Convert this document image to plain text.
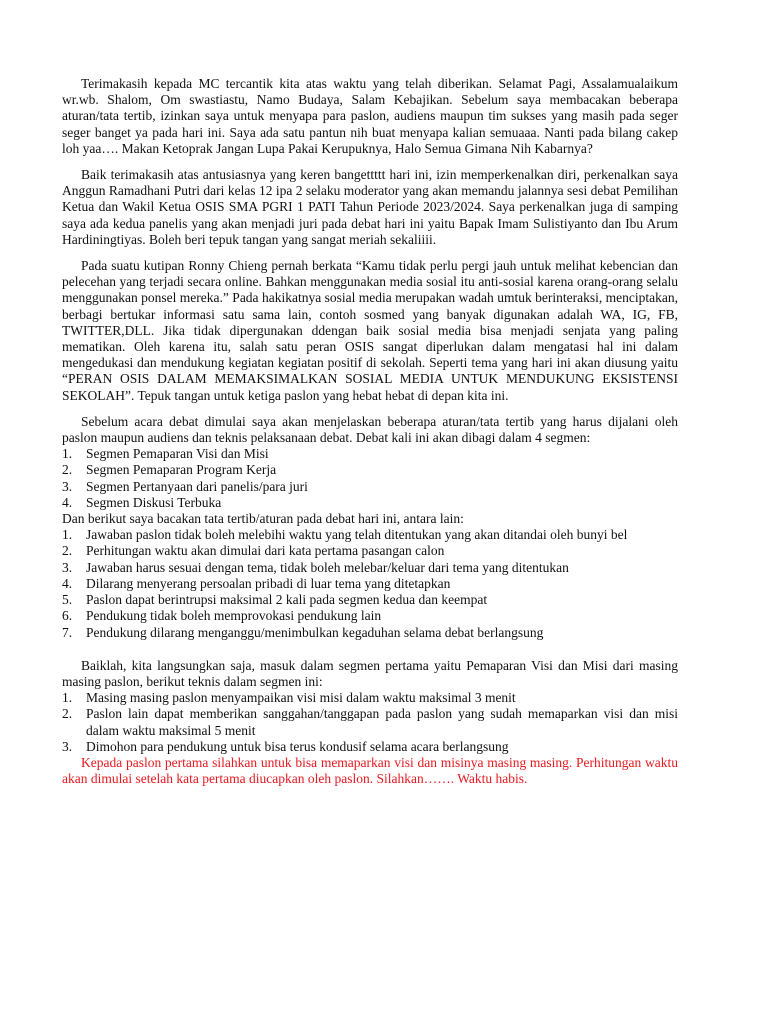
Terimakasih kepada MC tercantik kita atas waktu yang telah diberikan. Selamat Pagi, Assalamualaikum wr.wb. Shalom, Om swastiastu, Namo Budaya, Salam Kebajikan. Sebelum saya membacakan beberapa aturan/tata tertib, izinkan saya untuk menyapa para paslon, audiens maupun tim sukses yang masih pada seger seger banget ya pada hari ini. Saya ada satu pantun nih buat menyapa kalian semuaaa. Nanti pada bilang cakep loh yaa…. Makan Ketoprak Jangan Lupa Pakai Kerupuknya, Halo Semua Gimana Nih Kabarnya?

Baik terimakasih atas antusiasnya yang keren bangettttt hari ini, izin memperkenalkan diri, perkenalkan saya Anggun Ramadhani Putri dari kelas 12 ipa 2 selaku moderator yang akan memandu jalannya sesi debat Pemilihan Ketua dan Wakil Ketua OSIS SMA PGRI 1 PATI Tahun Periode 2023/2024. Saya perkenalkan juga di samping saya ada kedua panelis yang akan menjadi juri pada debat hari ini yaitu Bapak Imam Sulistiyanto dan Ibu Arum Hardiningtiyas. Boleh beri tepuk tangan yang sangat meriah sekaliiii.

Pada suatu kutipan Ronny Chieng pernah berkata “Kamu tidak perlu pergi jauh untuk melihat kebencian dan pelecehan yang terjadi secara online. Bahkan menggunakan media sosial itu anti-sosial karena orang-orang selalu menggunakan ponsel mereka.” Pada hakikatnya sosial media merupakan wadah umtuk berinteraksi, menciptakan, berbagi bertukar informasi satu sama lain, contoh sosmed yang banyak digunakan adalah WA, IG, FB, TWITTER,DLL. Jika tidak dipergunakan ddengan baik sosial media bisa menjadi senjata yang paling mematikan. Oleh karena itu, salah satu peran OSIS sangat diperlukan dalam mengatasi hal ini dalam mengedukasi dan mendukung kegiatan kegiatan positif di sekolah. Seperti tema yang hari ini akan diusung yaitu “PERAN OSIS DALAM MEMAKSIMALKAN SOSIAL MEDIA UNTUK MENDUKUNG EKSISTENSI SEKOLAH”. Tepuk tangan untuk ketiga paslon yang hebat hebat di depan kita ini.

Sebelum acara debat dimulai saya akan menjelaskan beberapa aturan/tata tertib yang harus dijalani oleh paslon maupun audiens dan teknis pelaksanaan debat. Debat kali ini akan dibagi dalam 4 segmen:

1. Segmen Pemaparan Visi dan Misi
2. Segmen Pemaparan Program Kerja
3. Segmen Pertanyaan dari panelis/para juri
4. Segmen Diskusi Terbuka

Dan berikut saya bacakan tata tertib/aturan pada debat hari ini, antara lain:

1. Jawaban paslon tidak boleh melebihi waktu yang telah ditentukan yang akan ditandai oleh bunyi bel
2. Perhitungan waktu akan dimulai dari kata pertama pasangan calon
3. Jawaban harus sesuai dengan tema, tidak boleh melebar/keluar dari tema yang ditentukan
4. Dilarang menyerang persoalan pribadi di luar tema yang ditetapkan
5. Paslon dapat berintrupsi maksimal 2 kali pada segmen kedua dan keempat
6. Pendukung tidak boleh memprovokasi pendukung lain
7. Pendukung dilarang menganggu/menimbulkan kegaduhan selama debat berlangsung

Baiklah, kita langsungkan saja, masuk dalam segmen pertama yaitu Pemaparan Visi dan Misi dari masing masing paslon, berikut teknis dalam segmen ini:

1. Masing masing paslon menyampaikan visi misi dalam waktu maksimal 3 menit
2. Paslon lain dapat memberikan sanggahan/tanggapan pada paslon yang sudah memaparkan visi dan misi dalam waktu maksimal 5 menit
3. Dimohon para pendukung untuk bisa terus kondusif selama acara berlangsung

Kepada paslon pertama silahkan untuk bisa memaparkan visi dan misinya masing masing. Perhitungan waktu akan dimulai setelah kata pertama diucapkan oleh paslon. Silahkan……. Waktu habis.
